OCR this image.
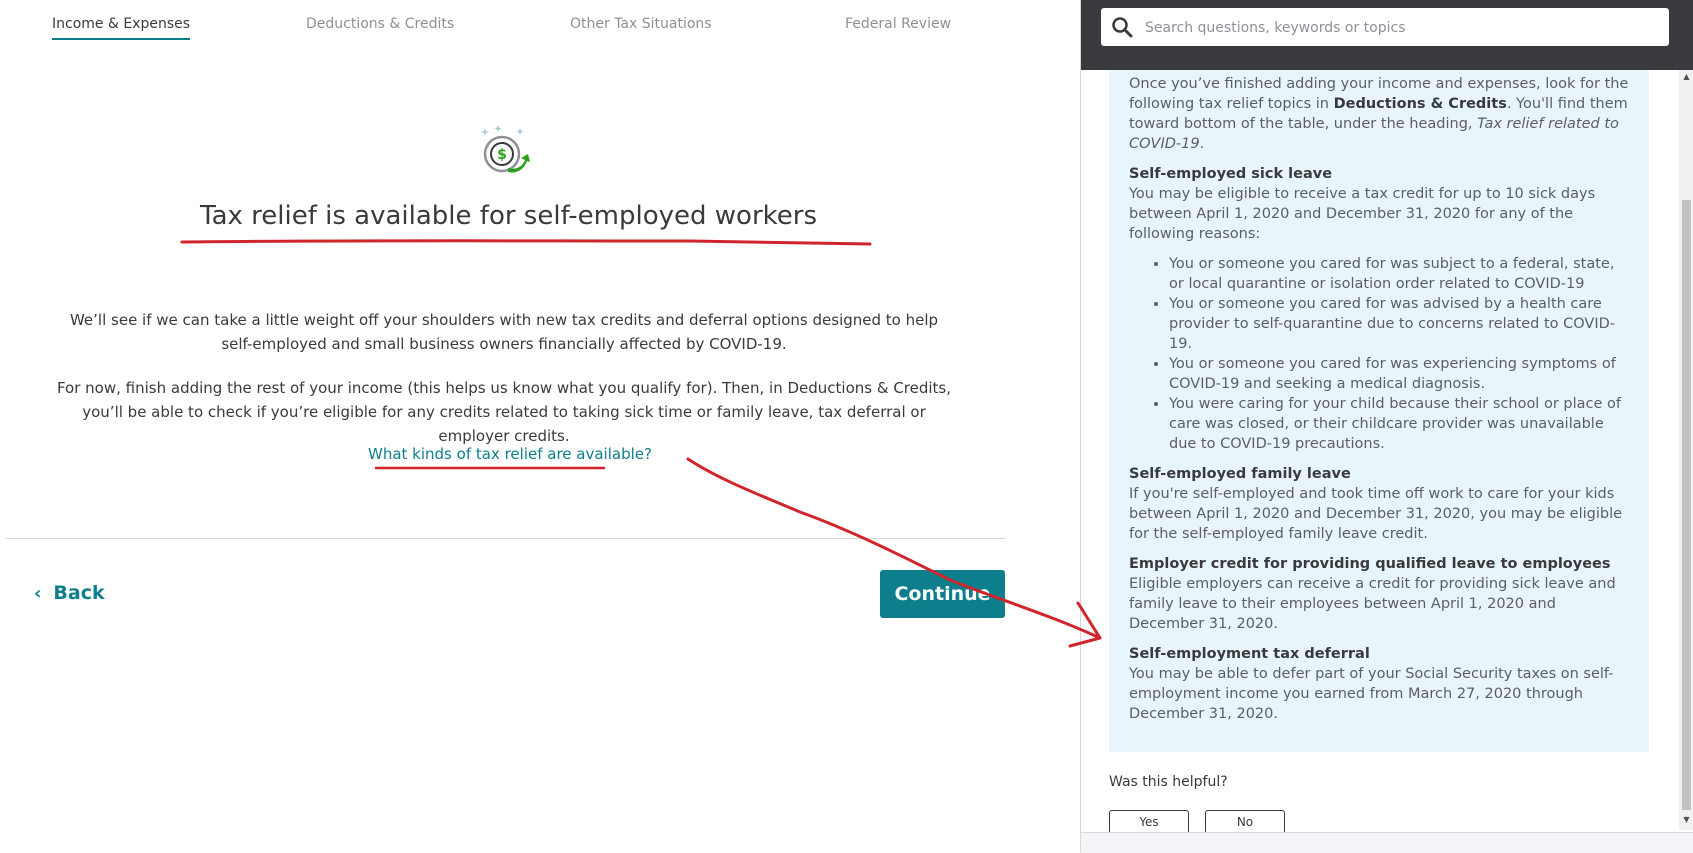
Income & Expenses	Deductions & Credits	Other Tax Situations	Federal Review
$
Tax relief is available for self-employed workers
We’ll see if we can take a little weight off your shoulders with new tax credits and deferral options designed to help self-employed and small business owners financially affected by COVID-19.
For now, finish adding the rest of your income (this helps us know what you qualify for). Then, in Deductions & Credits, you’ll be able to check if you’re eligible for any credits related to taking sick time or family leave, tax deferral or employer credits.
What kinds of tax relief are available?
‹ Back	Continue
Search questions, keywords or topics

Once you’ve finished adding your income and expenses, look for the following tax relief topics in Deductions & Credits. You'll find them toward bottom of the table, under the heading, Tax relief related to COVID-19.

Self-employed sick leave
You may be eligible to receive a tax credit for up to 10 sick days between April 1, 2020 and December 31, 2020 for any of the following reasons:

• You or someone you cared for was subject to a federal, state, or local quarantine or isolation order related to COVID-19
• You or someone you cared for was advised by a health care provider to self-quarantine due to concerns related to COVID-19.
• You or someone you cared for was experiencing symptoms of COVID-19 and seeking a medical diagnosis.
• You were caring for your child because their school or place of care was closed, or their childcare provider was unavailable due to COVID-19 precautions.

Self-employed family leave
If you're self-employed and took time off work to care for your kids between April 1, 2020 and December 31, 2020, you may be eligible for the self-employed family leave credit.

Employer credit for providing qualified leave to employees
Eligible employers can receive a credit for providing sick leave and family leave to their employees between April 1, 2020 and December 31, 2020.

Self-employment tax deferral
You may be able to defer part of your Social Security taxes on self-employment income you earned from March 27, 2020 through December 31, 2020.

Was this helpful?
Yes	No
▲
▼
